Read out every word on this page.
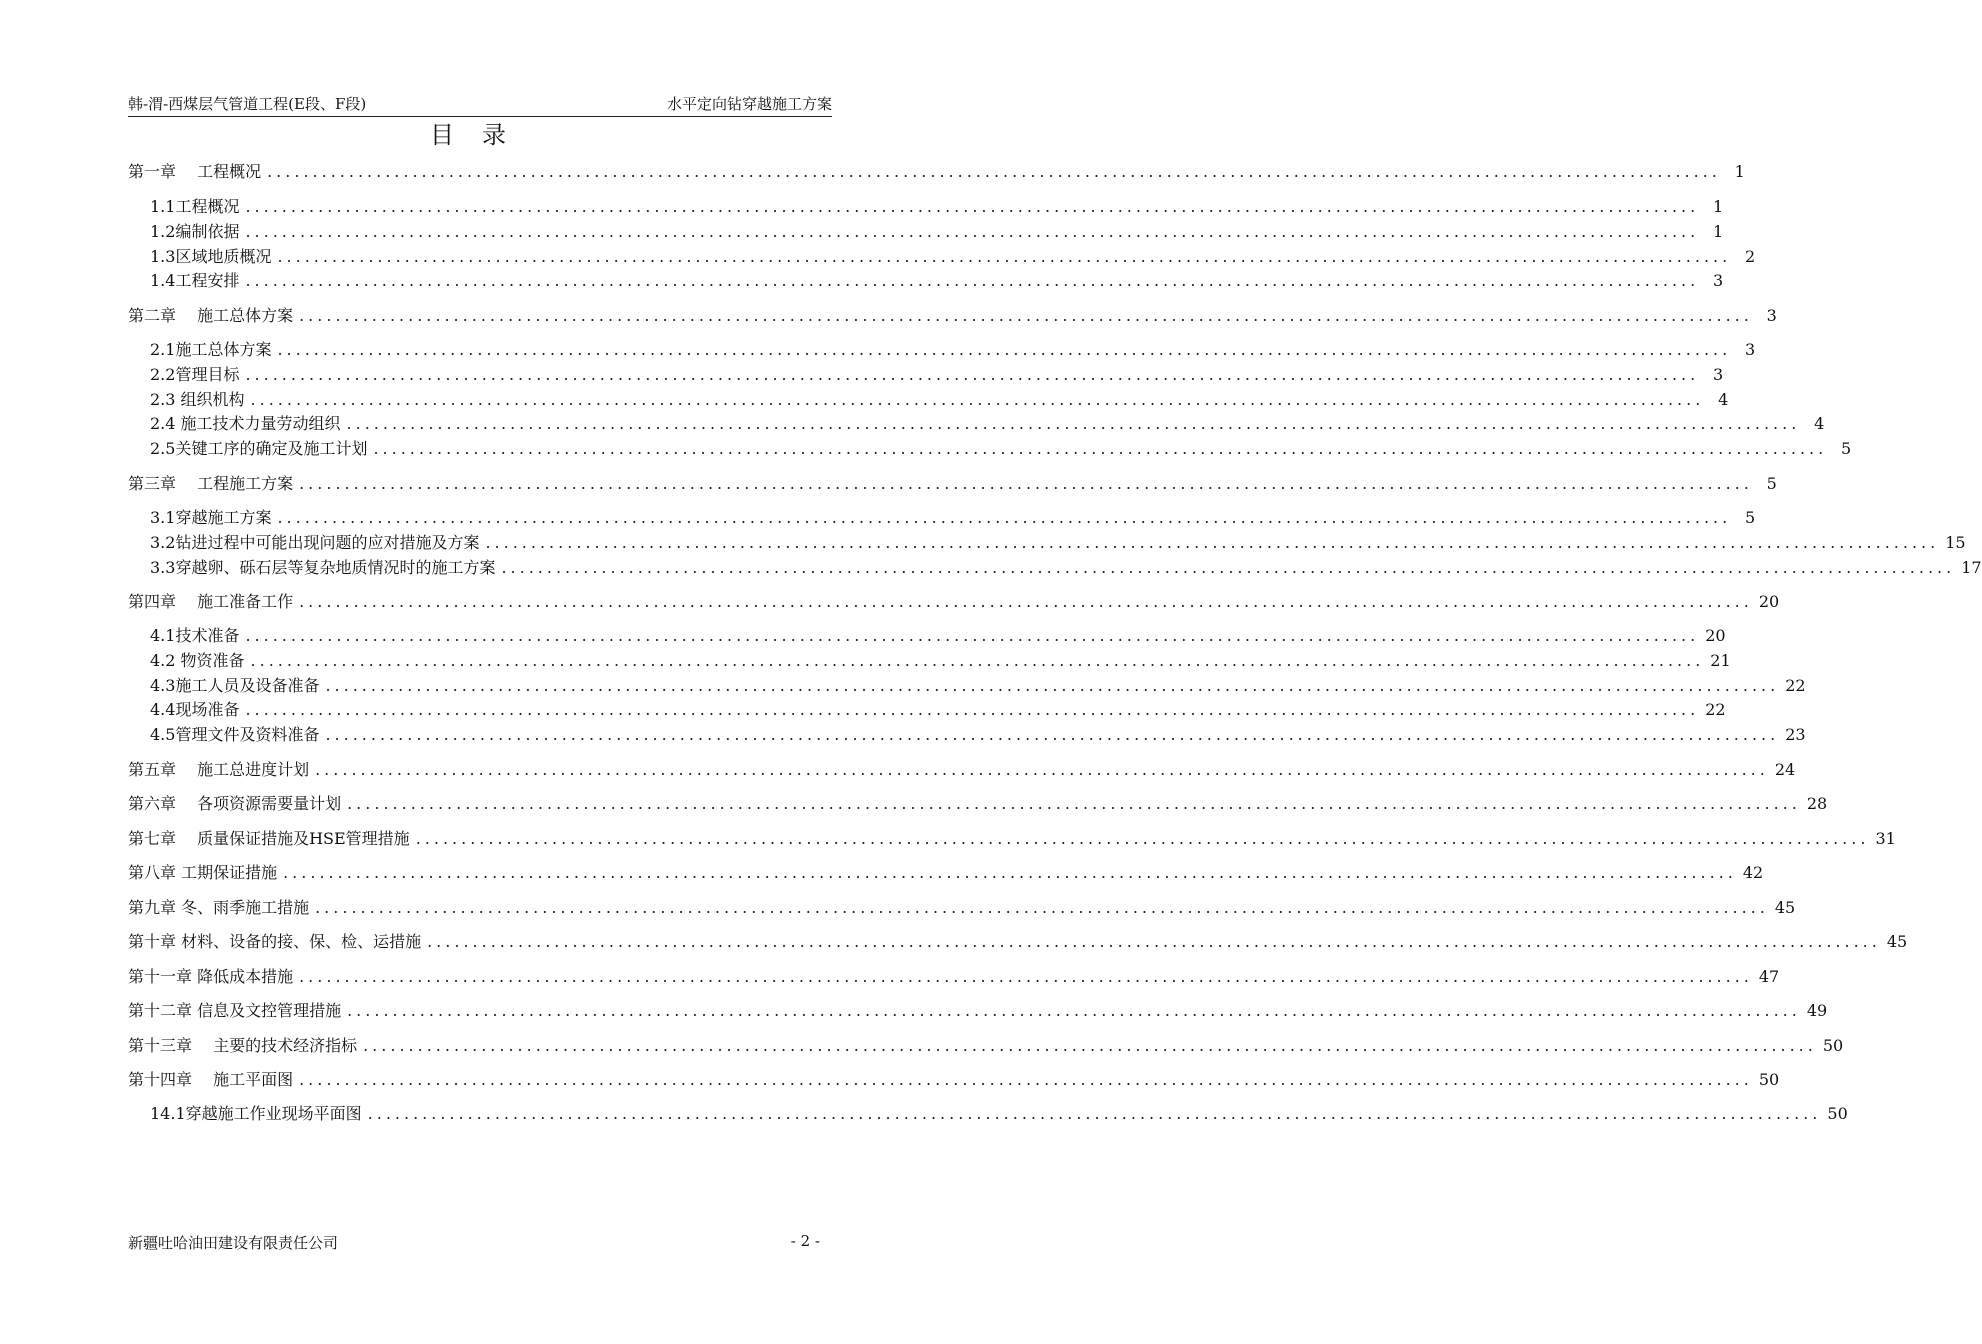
韩-渭-西煤层气管道工程(E段、F段)	水平定向钻穿越施工方案
目录
第一章　 工程概况 ................................................................................................................................................................ 1
1.1工程概况 ................................................................................................................................................................ 1
1.2编制依据 ................................................................................................................................................................ 1
1.3区域地质概况 ................................................................................................................................................................ 2
1.4工程安排 ................................................................................................................................................................ 3
第二章　 施工总体方案 ................................................................................................................................................................ 3
2.1施工总体方案 ................................................................................................................................................................ 3
2.2管理目标 ................................................................................................................................................................ 3
2.3 组织机构 ................................................................................................................................................................ 4
2.4 施工技术力量劳动组织 ................................................................................................................................................................ 4
2.5关键工序的确定及施工计划 ................................................................................................................................................................ 5
第三章　 工程施工方案 ................................................................................................................................................................ 5
3.1穿越施工方案 ................................................................................................................................................................ 5
3.2钻进过程中可能出现问题的应对措施及方案 ................................................................................................................................................................ 15
3.3穿越卵、砾石层等复杂地质情况时的施工方案 ................................................................................................................................................................ 17
第四章　 施工准备工作 ................................................................................................................................................................ 20
4.1技术准备 ................................................................................................................................................................ 20
4.2 物资准备 ................................................................................................................................................................ 21
4.3施工人员及设备准备 ................................................................................................................................................................ 22
4.4现场准备 ................................................................................................................................................................ 22
4.5管理文件及资料准备 ................................................................................................................................................................ 23
第五章　 施工总进度计划 ................................................................................................................................................................ 24
第六章　 各项资源需要量计划 ................................................................................................................................................................ 28
第七章　 质量保证措施及HSE管理措施 ................................................................................................................................................................ 31
第八章 工期保证措施 ................................................................................................................................................................ 42
第九章 冬、雨季施工措施 ................................................................................................................................................................ 45
第十章 材料、设备的接、保、检、运措施 ................................................................................................................................................................ 45
第十一章 降低成本措施 ................................................................................................................................................................ 47
第十二章 信息及文控管理措施 ................................................................................................................................................................ 49
第十三章　 主要的技术经济指标 ................................................................................................................................................................ 50
第十四章　 施工平面图 ................................................................................................................................................................ 50
14.1穿越施工作业现场平面图 ................................................................................................................................................................ 50
新疆吐哈油田建设有限责任公司	- 2 -
